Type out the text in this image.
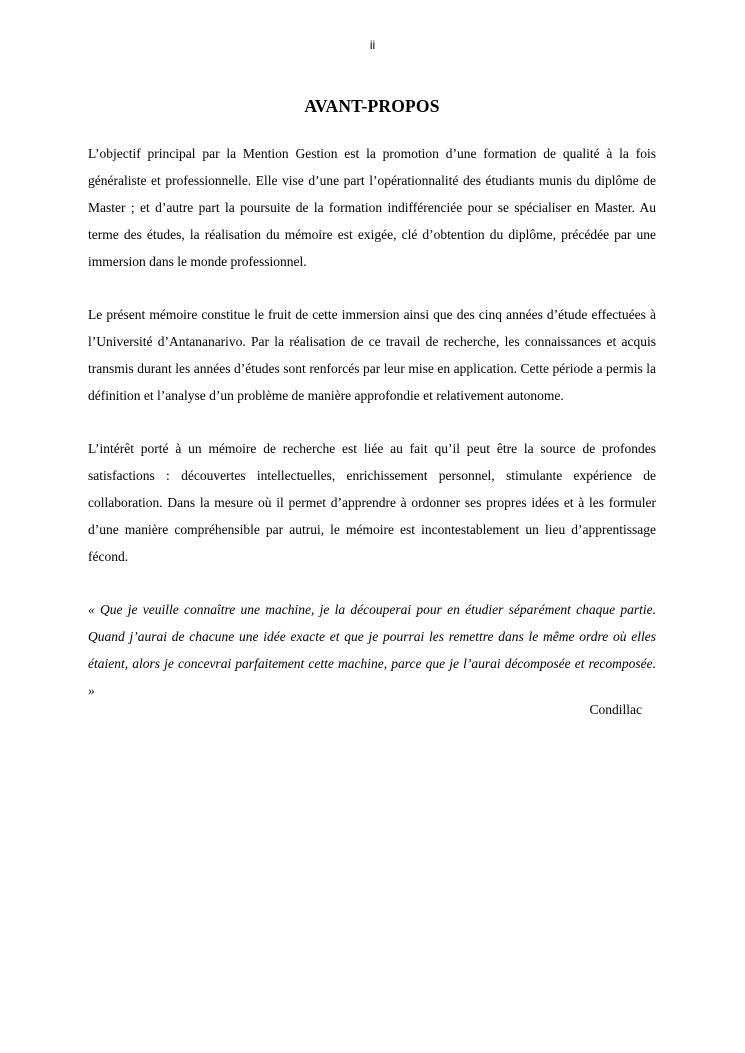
ii
AVANT-PROPOS

L’objectif principal par la Mention Gestion est la promotion d’une formation de qualité à la fois généraliste et professionnelle. Elle vise d’une part l’opérationnalité des étudiants munis du diplôme de Master ; et d’autre part la poursuite de la formation indifférenciée pour se spécialiser en Master. Au terme des études, la réalisation du mémoire est exigée, clé d’obtention du diplôme, précédée par une immersion dans le monde professionnel.

Le présent mémoire constitue le fruit de cette immersion ainsi que des cinq années d’étude effectuées à l’Université d’Antananarivo. Par la réalisation de ce travail de recherche, les connaissances et acquis transmis durant les années d’études sont renforcés par leur mise en application. Cette période a permis la définition et l’analyse d’un problème de manière approfondie et relativement autonome.

L’intérêt porté à un mémoire de recherche est liée au fait qu’il peut être la source de profondes satisfactions : découvertes intellectuelles, enrichissement personnel, stimulante expérience de collaboration. Dans la mesure où il permet d’apprendre à ordonner ses propres idées et à les formuler d’une manière compréhensible par autrui, le mémoire est incontestablement un lieu d’apprentissage fécond.

« Que je veuille connaître une machine, je la découperai pour en étudier séparément chaque partie. Quand j’aurai de chacune une idée exacte et que je pourrai les remettre dans le même ordre où elles étaient, alors je concevrai parfaitement cette machine, parce que je l’aurai décomposée et recomposée. »

Condillac
